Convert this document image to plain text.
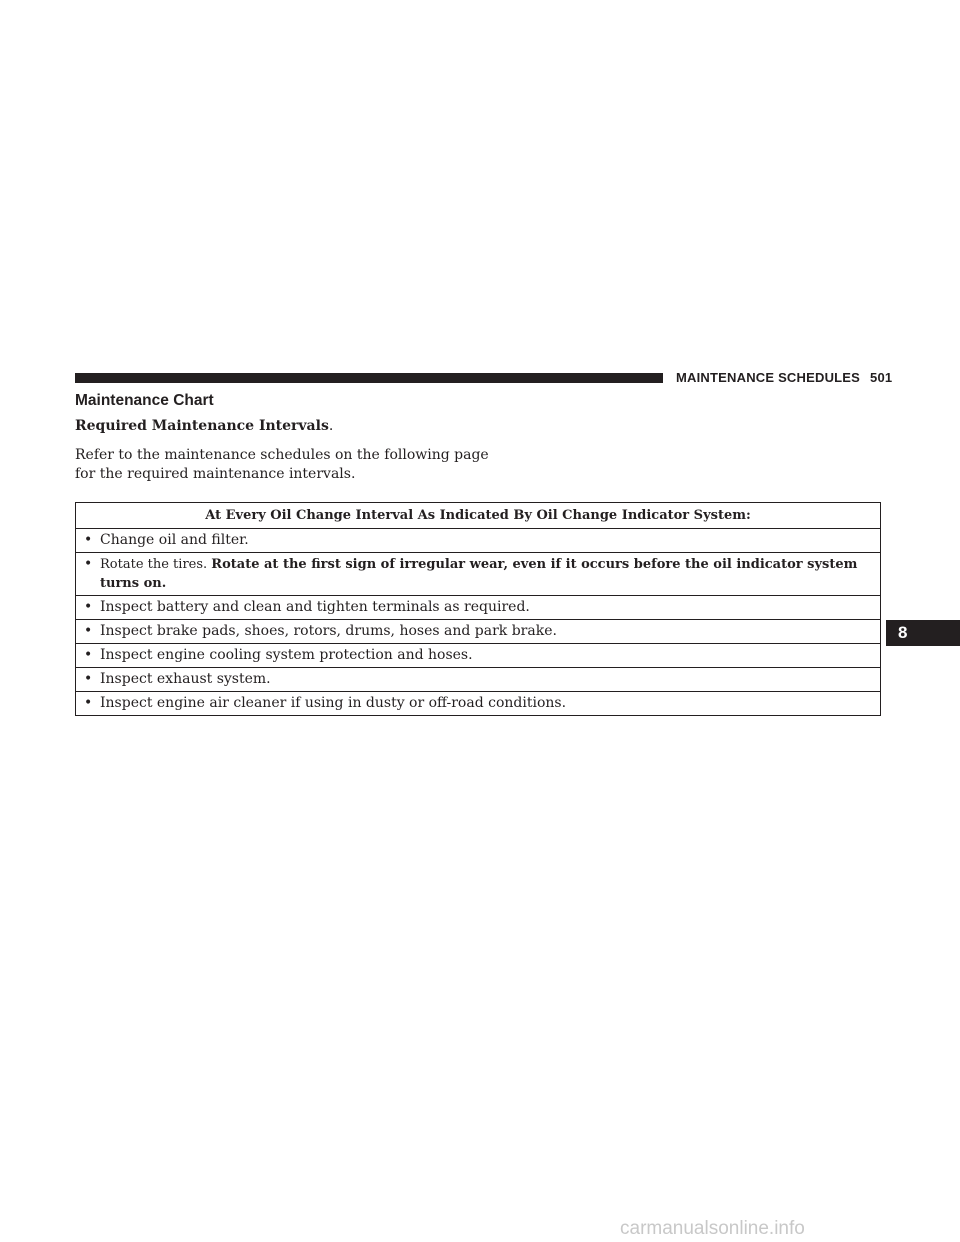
MAINTENANCE SCHEDULES 501
Maintenance Chart

Required Maintenance Intervals.

Refer to the maintenance schedules on the following page for the required maintenance intervals.

At Every Oil Change Interval As Indicated By Oil Change Indicator System:
• Change oil and filter.
• Rotate the tires. Rotate at the first sign of irregular wear, even if it occurs before the oil indicator system turns on.
• Inspect battery and clean and tighten terminals as required.
• Inspect brake pads, shoes, rotors, drums, hoses and park brake.
• Inspect engine cooling system protection and hoses.
• Inspect exhaust system.
• Inspect engine air cleaner if using in dusty or off-road conditions.
8
carmanualsonline.info
